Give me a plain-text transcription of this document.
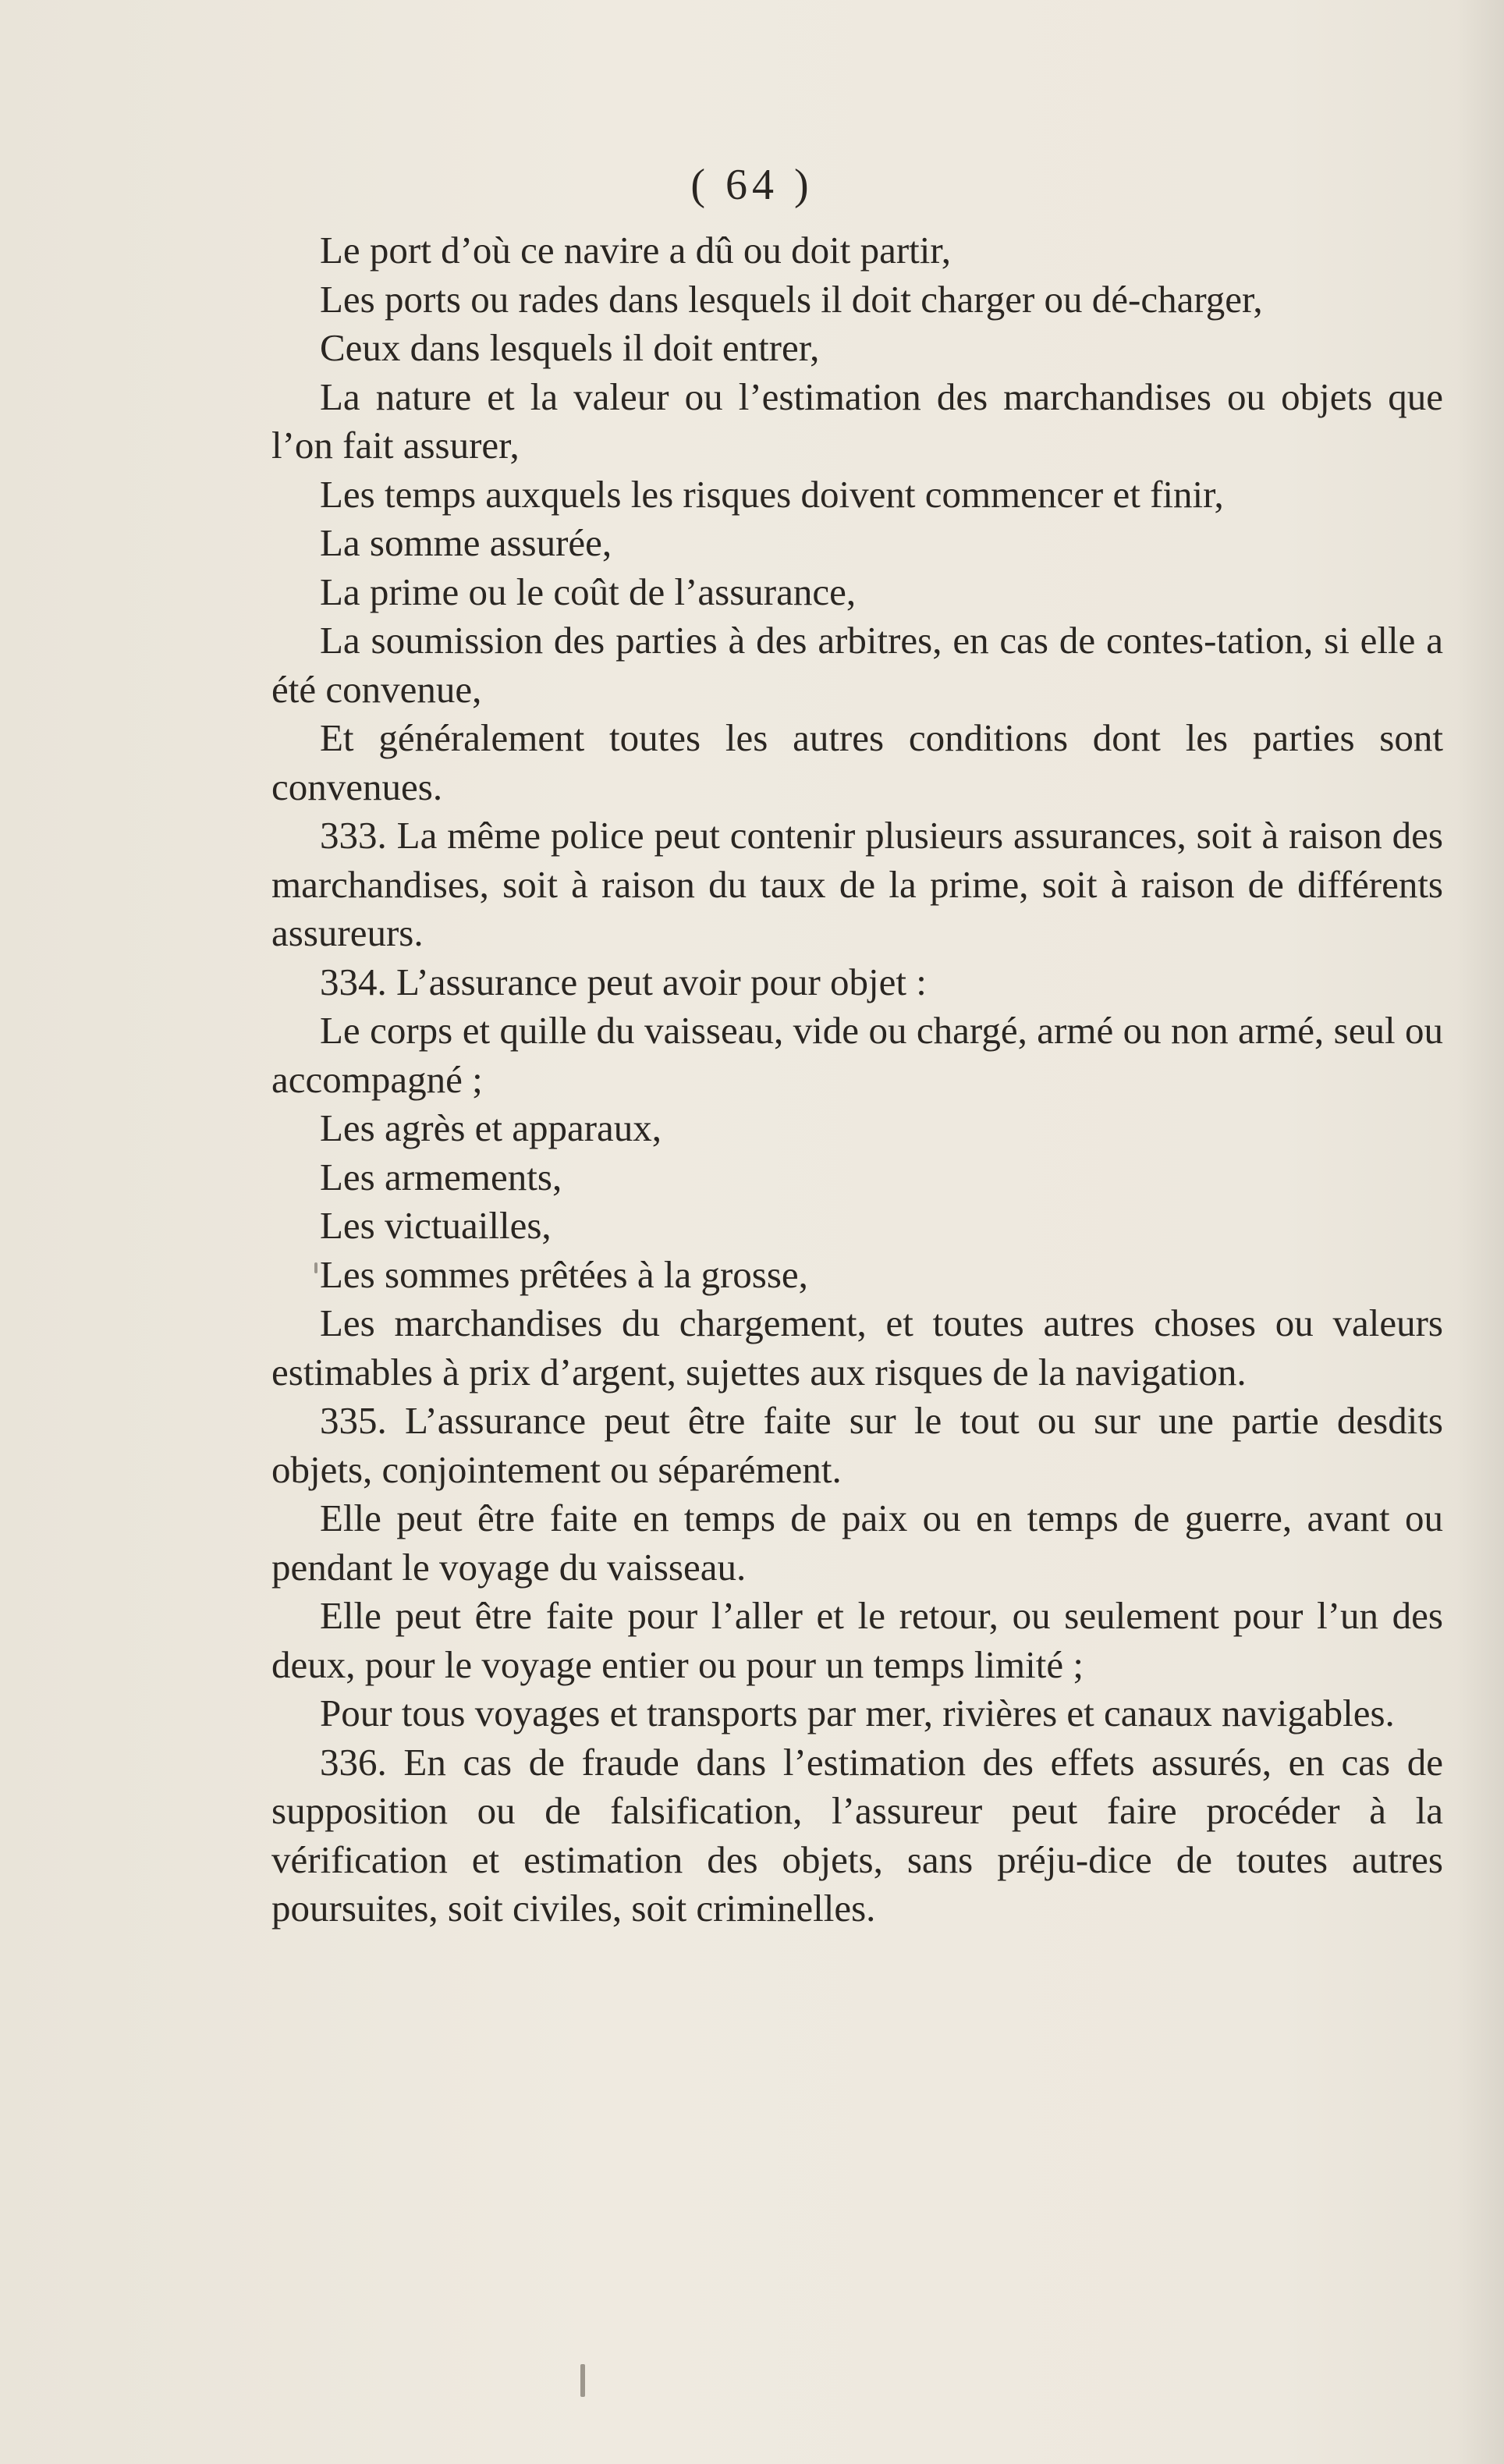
( 64 )

Le port d’où ce navire a dû ou doit partir,

Les ports ou rades dans lesquels il doit charger ou dé-charger,

Ceux dans lesquels il doit entrer,

La nature et la valeur ou l’estimation des marchandises ou objets que l’on fait assurer,

Les temps auxquels les risques doivent commencer et finir,

La somme assurée,

La prime ou le coût de l’assurance,

La soumission des parties à des arbitres, en cas de contes-tation, si elle a été convenue,

Et généralement toutes les autres conditions dont les parties sont convenues.

333. La même police peut contenir plusieurs assurances, soit à raison des marchandises, soit à raison du taux de la prime, soit à raison de différents assureurs.

334. L’assurance peut avoir pour objet :

Le corps et quille du vaisseau, vide ou chargé, armé ou non armé, seul ou accompagné ;

Les agrès et apparaux,

Les armements,

Les victuailles,

Les sommes prêtées à la grosse,

Les marchandises du chargement, et toutes autres choses ou valeurs estimables à prix d’argent, sujettes aux risques de la navigation.

335. L’assurance peut être faite sur le tout ou sur une partie desdits objets, conjointement ou séparément.

Elle peut être faite en temps de paix ou en temps de guerre, avant ou pendant le voyage du vaisseau.

Elle peut être faite pour l’aller et le retour, ou seulement pour l’un des deux, pour le voyage entier ou pour un temps limité ;

Pour tous voyages et transports par mer, rivières et canaux navigables.

336. En cas de fraude dans l’estimation des effets assurés, en cas de supposition ou de falsification, l’assureur peut faire procéder à la vérification et estimation des objets, sans préju-dice de toutes autres poursuites, soit civiles, soit criminelles.
